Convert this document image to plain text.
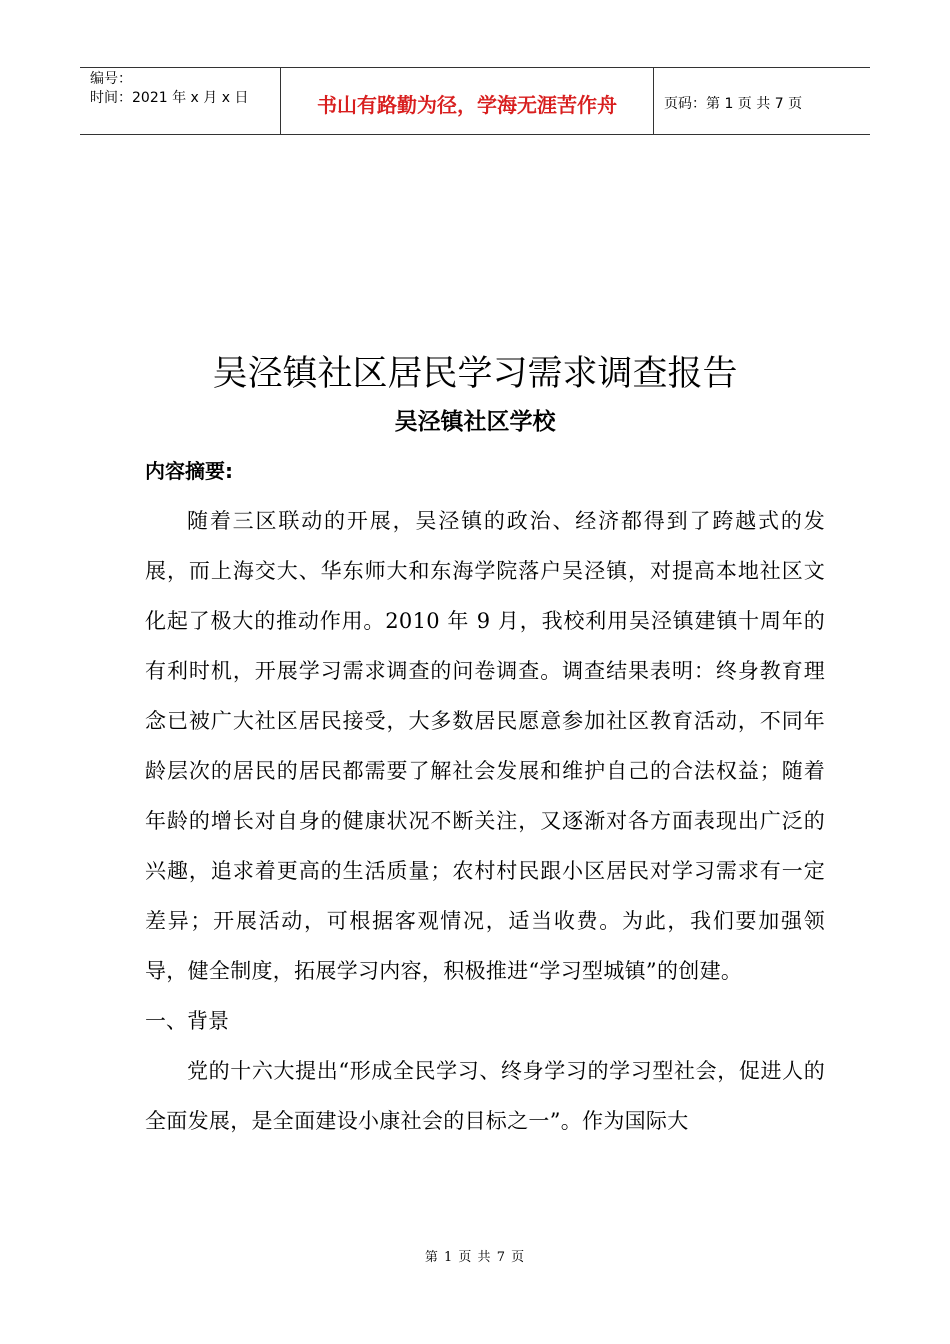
编号：
时间：2021 年 x 月 x 日	书山有路勤为径，学海无涯苦作舟	页码：第 1 页 共 7 页
吴泾镇社区居民学习需求调查报告
吴泾镇社区学校
内容摘要:

随着三区联动的开展，吴泾镇的政治、经济都得到了跨越式的发展，而上海交大、华东师大和东海学院落户吴泾镇，对提高本地社区文化起了极大的推动作用。2010 年 9 月，我校利用吴泾镇建镇十周年的有利时机，开展学习需求调查的问卷调查。调查结果表明：终身教育理念已被广大社区居民接受，大多数居民愿意参加社区教育活动，不同年龄层次的居民的居民都需要了解社会发展和维护自己的合法权益；随着年龄的增长对自身的健康状况不断关注，又逐渐对各方面表现出广泛的兴趣，追求着更高的生活质量；农村村民跟小区居民对学习需求有一定差异；开展活动，可根据客观情况，适当收费。为此，我们要加强领导，健全制度，拓展学习内容，积极推进“学习型城镇”的创建。

一、背景

党的十六大提出“形成全民学习、终身学习的学习型社会，促进人的全面发展，是全面建设小康社会的目标之一”。作为国际大

第 1 页 共 7 页
